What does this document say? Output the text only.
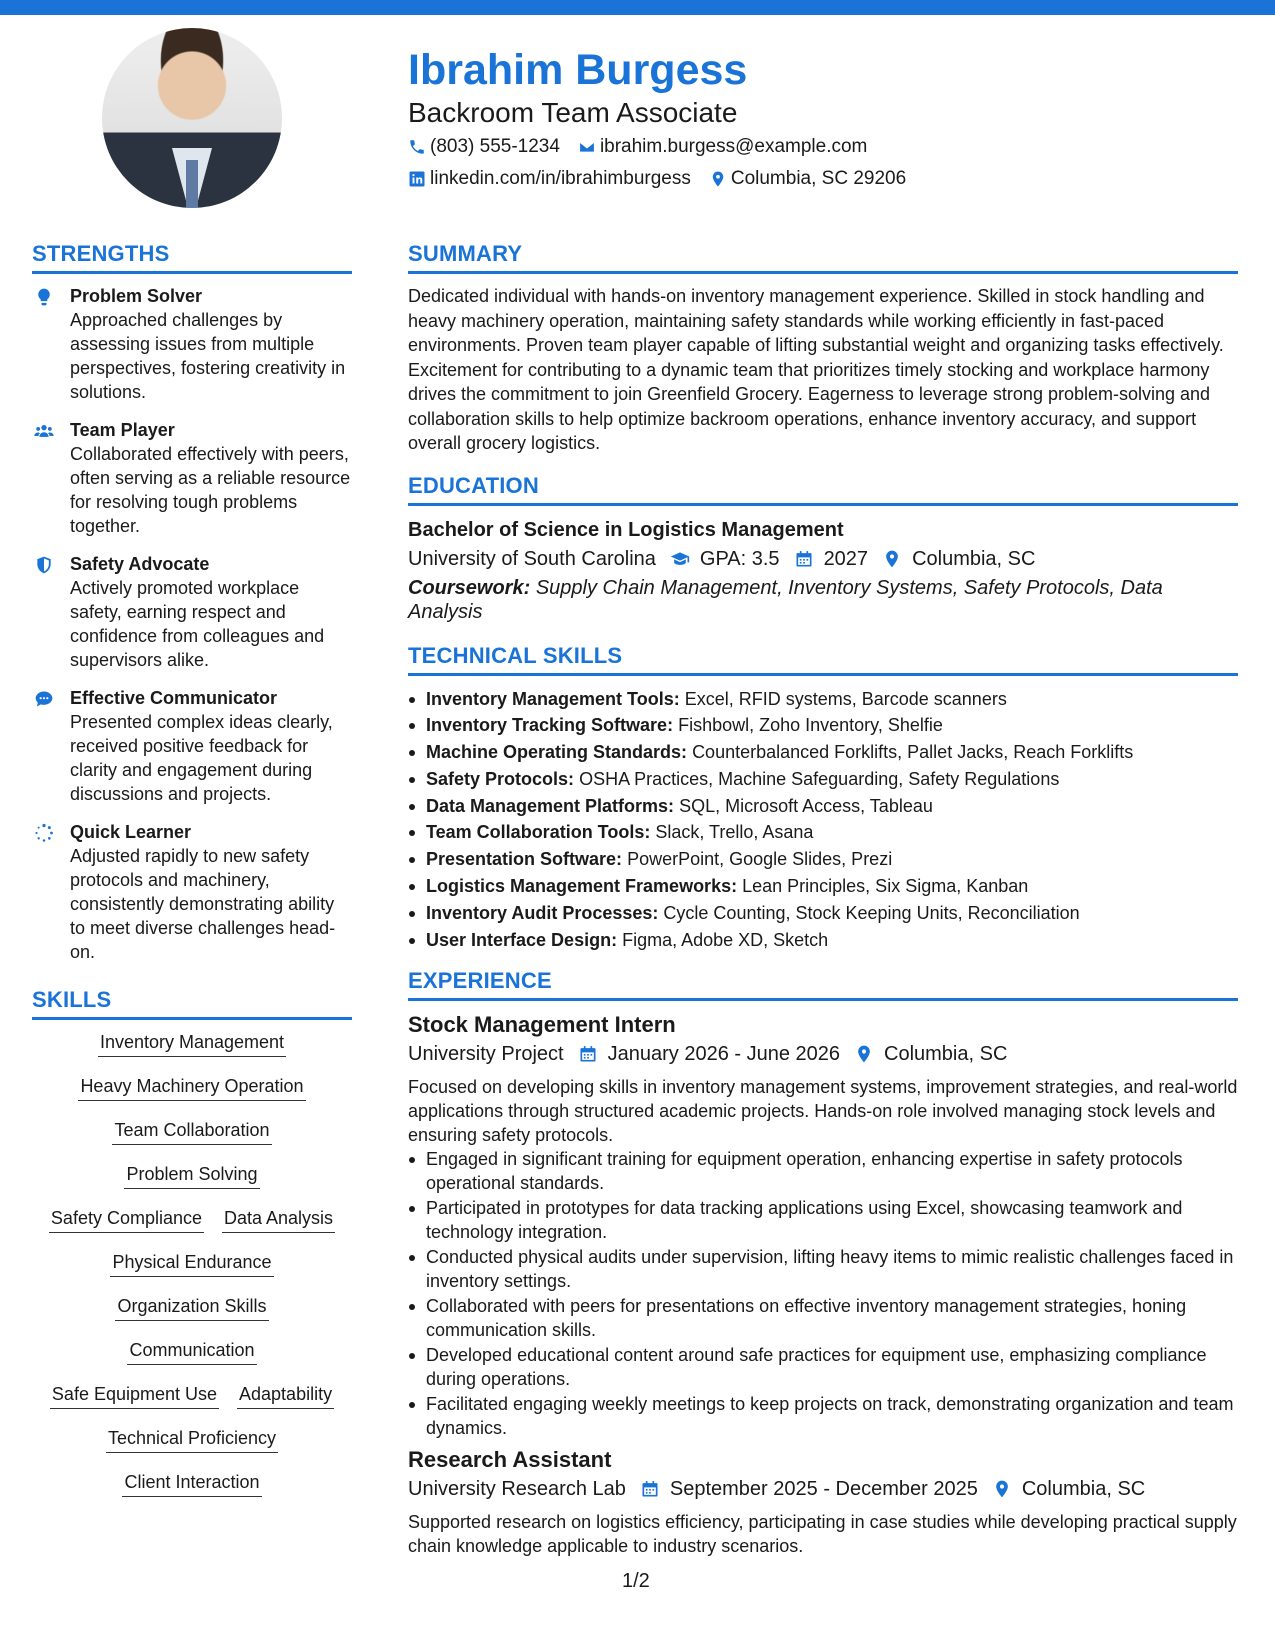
Ibrahim Burgess
Backroom Team Associate
(803) 555-1234 ibrahim.burgess@example.com
linkedin.com/in/ibrahimburgess Columbia, SC 29206
STRENGTHS
Problem Solver
Approached challenges by assessing issues from multiple perspectives, fostering creativity in solutions.
Team Player
Collaborated effectively with peers, often serving as a reliable resource for resolving tough problems together.
Safety Advocate
Actively promoted workplace safety, earning respect and confidence from colleagues and supervisors alike.
Effective Communicator
Presented complex ideas clearly, received positive feedback for clarity and engagement during discussions and projects.
Quick Learner
Adjusted rapidly to new safety protocols and machinery, consistently demonstrating ability to meet diverse challenges head-on.
SKILLS
Inventory Management
Heavy Machinery Operation
Team Collaboration
Problem Solving
Safety Compliance Data Analysis
Physical Endurance
Organization Skills
Communication
Safe Equipment Use Adaptability
Technical Proficiency
Client Interaction
SUMMARY
Dedicated individual with hands-on inventory management experience. Skilled in stock handling and heavy machinery operation, maintaining safety standards while working efficiently in fast-paced environments. Proven team player capable of lifting substantial weight and organizing tasks effectively. Excitement for contributing to a dynamic team that prioritizes timely stocking and workplace harmony drives the commitment to join Greenfield Grocery. Eagerness to leverage strong problem-solving and collaboration skills to help optimize backroom operations, enhance inventory accuracy, and support overall grocery logistics.
EDUCATION
Bachelor of Science in Logistics Management
University of South Carolina GPA: 3.5 2027 Columbia, SC
Coursework: Supply Chain Management, Inventory Systems, Safety Protocols, Data Analysis
TECHNICAL SKILLS
Inventory Management Tools: Excel, RFID systems, Barcode scanners
Inventory Tracking Software: Fishbowl, Zoho Inventory, Shelfie
Machine Operating Standards: Counterbalanced Forklifts, Pallet Jacks, Reach Forklifts
Safety Protocols: OSHA Practices, Machine Safeguarding, Safety Regulations
Data Management Platforms: SQL, Microsoft Access, Tableau
Team Collaboration Tools: Slack, Trello, Asana
Presentation Software: PowerPoint, Google Slides, Prezi
Logistics Management Frameworks: Lean Principles, Six Sigma, Kanban
Inventory Audit Processes: Cycle Counting, Stock Keeping Units, Reconciliation
User Interface Design: Figma, Adobe XD, Sketch
EXPERIENCE
Stock Management Intern
University Project January 2026 - June 2026 Columbia, SC
Focused on developing skills in inventory management systems, improvement strategies, and real-world applications through structured academic projects. Hands-on role involved managing stock levels and ensuring safety protocols.
Engaged in significant training for equipment operation, enhancing expertise in safety protocols operational standards.
Participated in prototypes for data tracking applications using Excel, showcasing teamwork and technology integration.
Conducted physical audits under supervision, lifting heavy items to mimic realistic challenges faced in inventory settings.
Collaborated with peers for presentations on effective inventory management strategies, honing communication skills.
Developed educational content around safe practices for equipment use, emphasizing compliance during operations.
Facilitated engaging weekly meetings to keep projects on track, demonstrating organization and team dynamics.
Research Assistant
University Research Lab September 2025 - December 2025 Columbia, SC
Supported research on logistics efficiency, participating in case studies while developing practical supply chain knowledge applicable to industry scenarios.
1/2
